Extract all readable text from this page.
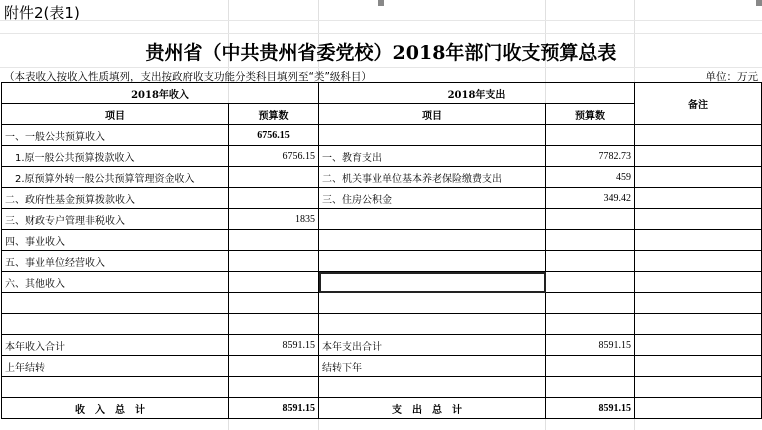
附件2(表1)
贵州省（中共贵州省委党校）2018年部门收支预算总表
（本表收入按收入性质填列，支出按政府收支功能分类科目填列至“类”级科目）	单位：万元
2018年收入		2018年支出		备注
项目	预算数	项目	预算数	
一、一般公共预算收入	6756.15			
　1.原一般公共预算拨款收入	6756.15	一、教育支出	7782.73	
　2.原预算外转一般公共预算管理资金收入		二、机关事业单位基本养老保险缴费支出	459	
二、政府性基金预算拨款收入		三、住房公积金	349.42	
三、财政专户管理非税收入	1835			
四、事业收入				
五、事业单位经营收入				
六、其他收入				

本年收入合计	8591.15	本年支出合计	8591.15	
上年结转		结转下年		

收入总计	8591.15	支出总计	8591.15	
